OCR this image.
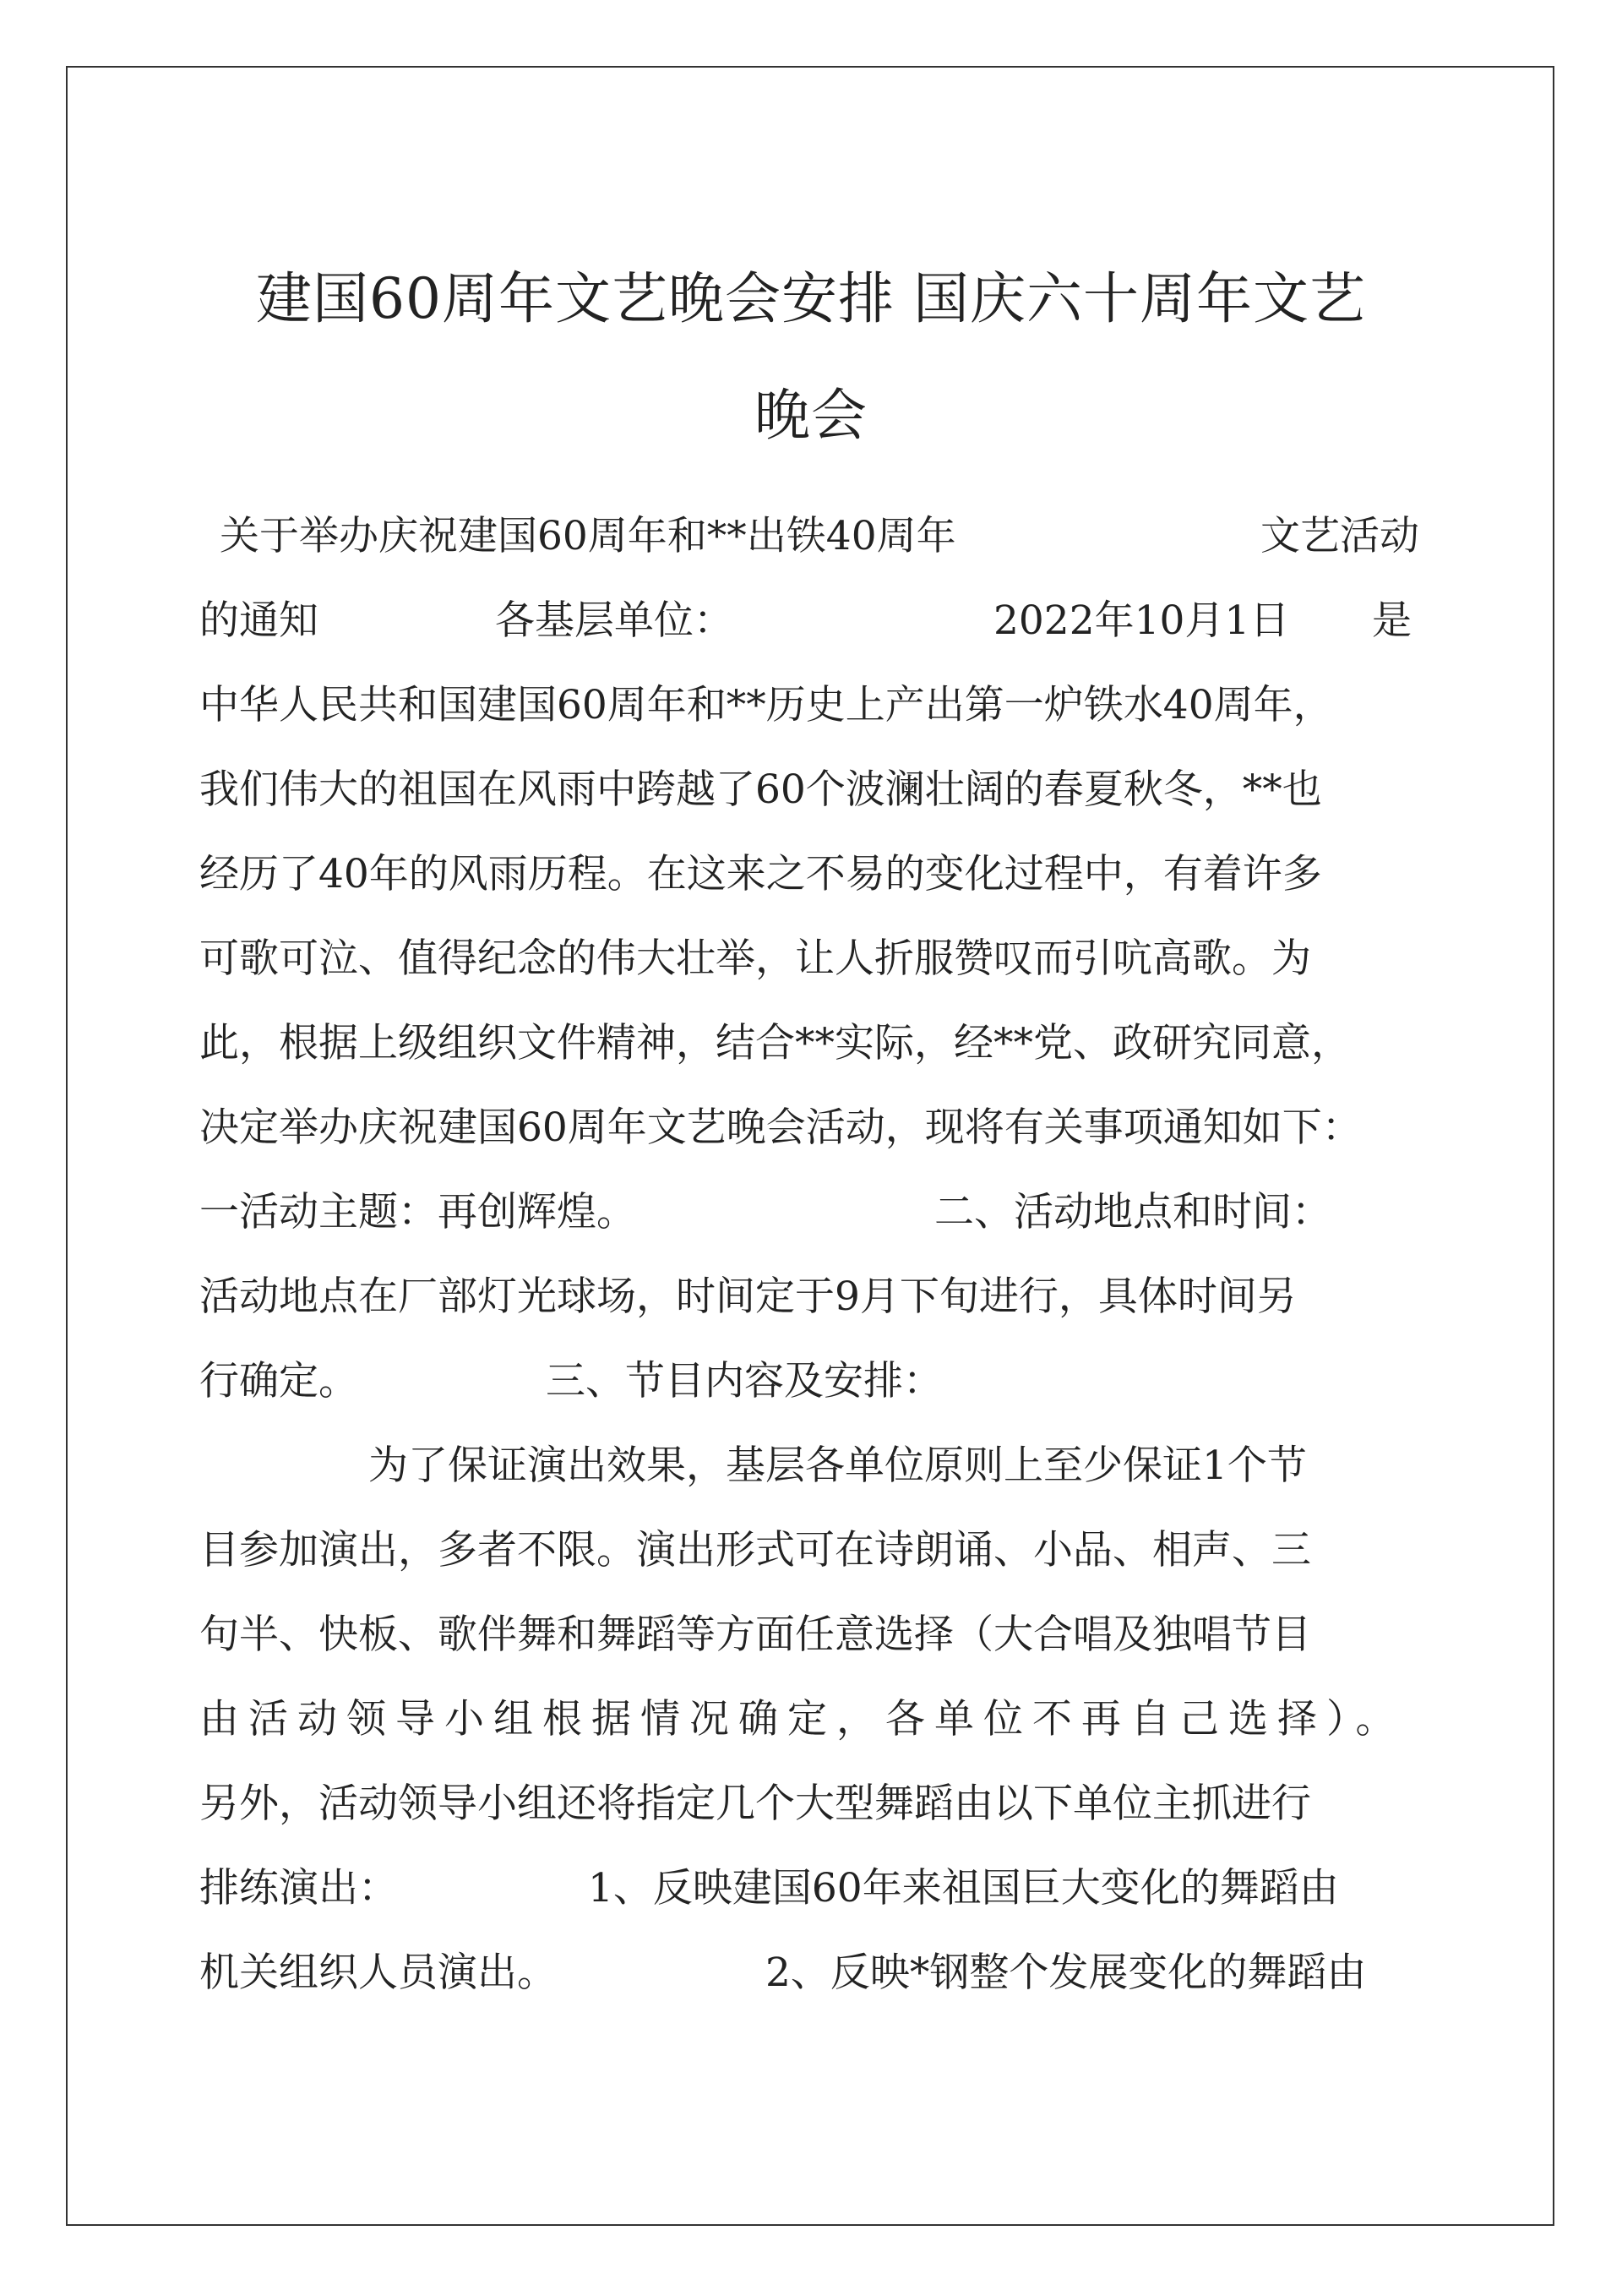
建国60周年文艺晚会安排 国庆六十周年文艺
晚会
关于举办庆祝建国60周年和**出铁40周年	文艺活动
的通知	各基层单位：	2022年10月1日 是
中华人民共和国建国60周年和**历史上产出第一炉铁水40周年，
我们伟大的祖国在风雨中跨越了60个波澜壮阔的春夏秋冬，**也
经历了40年的风雨历程。在这来之不易的变化过程中，有着许多
可歌可泣、值得纪念的伟大壮举，让人折服赞叹而引吭高歌。为
此，根据上级组织文件精神，结合**实际，经**党、政研究同意，
决定举办庆祝建国60周年文艺晚会活动，现将有关事项通知如下：
一活动主题：再创辉煌。	二、活动地点和时间：
活动地点在厂部灯光球场，时间定于9月下旬进行，具体时间另
行确定。	三、节目内容及安排：
为了保证演出效果，基层各单位原则上至少保证1个节
目参加演出，多者不限。演出形式可在诗朗诵、小品、相声、三
句半、快板、歌伴舞和舞蹈等方面任意选择（大合唱及独唱节目
由活动领导小组根据情况确定，各单位不再自己选择）。
另外，活动领导小组还将指定几个大型舞蹈由以下单位主抓进行
排练演出：	1、反映建国60年来祖国巨大变化的舞蹈由
机关组织人员演出。	2、反映*钢整个发展变化的舞蹈由
